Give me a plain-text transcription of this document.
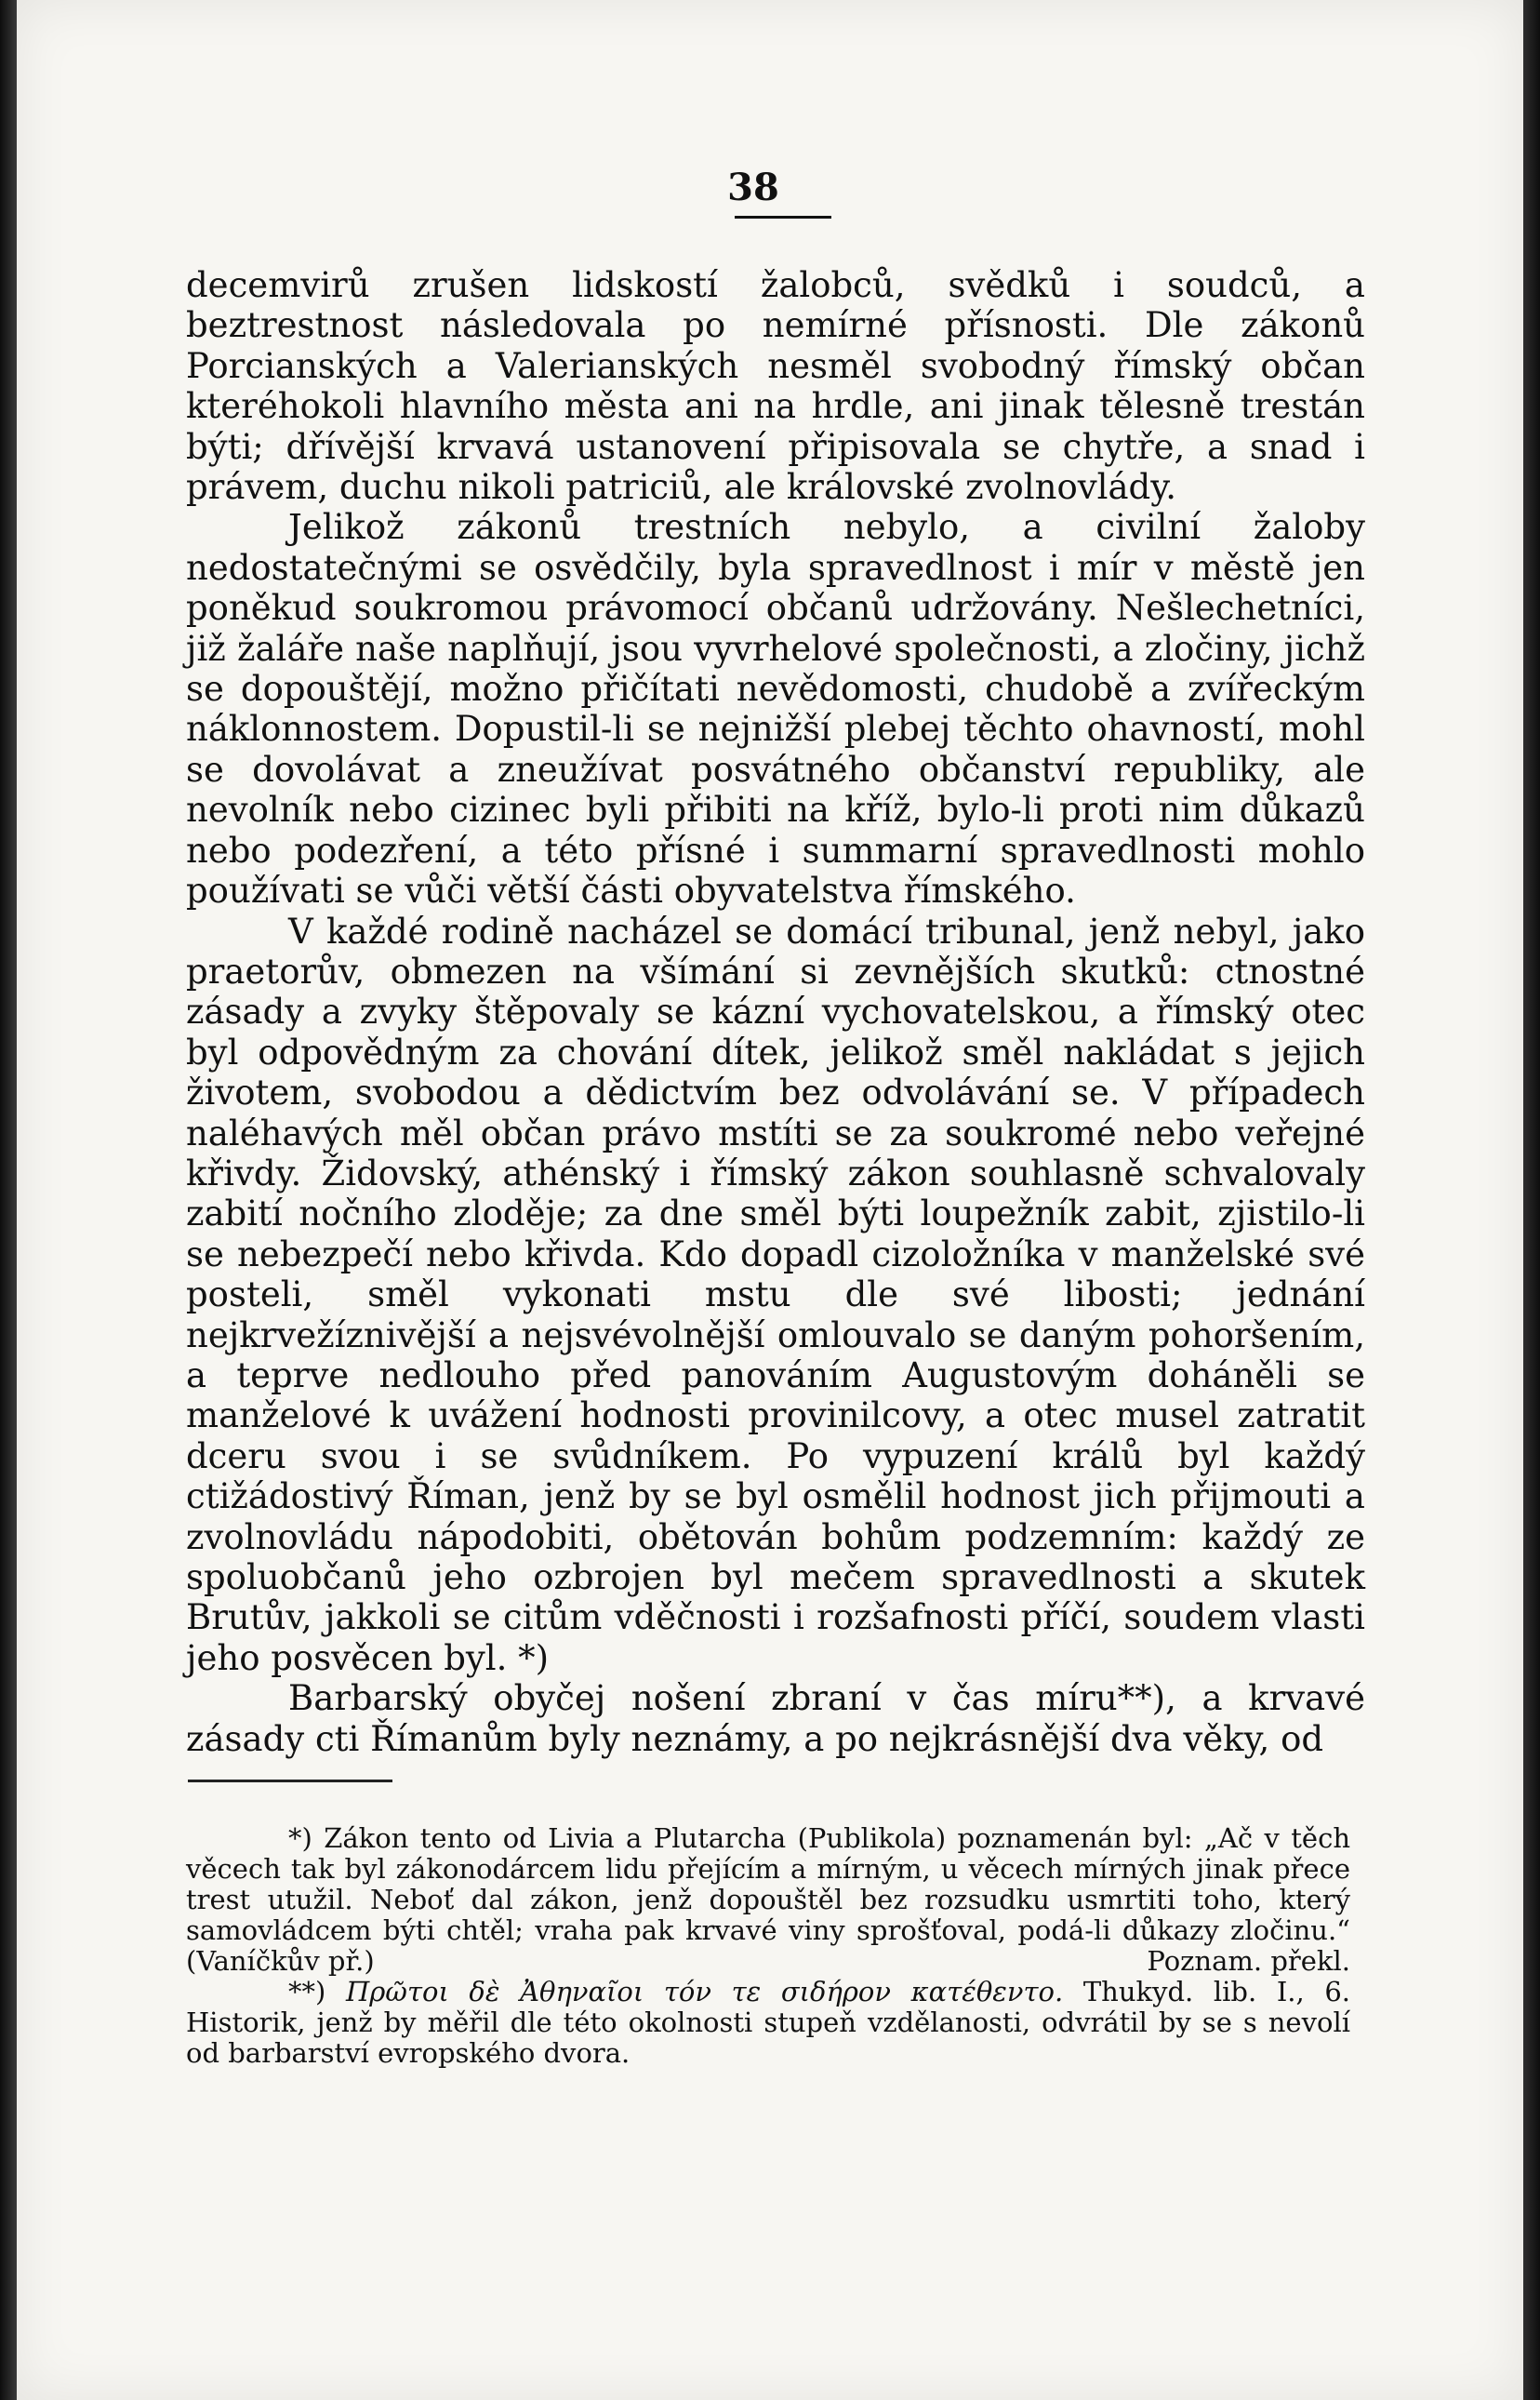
38

decemvirů zrušen lidskostí žalobců, svědků i soudců, a beztrestnost následovala po nemírné přísnosti. Dle zákonů Porcianských a Valerianských nesměl svobodný římský občan kteréhokoli hlavního města ani na hrdle, ani jinak tělesně trestán býti; dřívější krvavá ustanovení připisovala se chytře, a snad i právem, duchu nikoli patriciů, ale královské zvolnovlády.

Jelikož zákonů trestních nebylo, a civilní žaloby nedostatečnými se osvědčily, byla spravedlnost i mír v městě jen poněkud soukromou právomocí občanů udržovány. Nešlechetníci, již žaláře naše naplňují, jsou vyvrhelové společnosti, a zločiny, jichž se dopouštějí, možno přičítati nevědomosti, chudobě a zvířeckým náklonnostem. Dopustil-li se nejnižší plebej těchto ohavností, mohl se dovolávat a zneužívat posvátného občanství republiky, ale nevolník nebo cizinec byli přibiti na kříž, bylo-li proti nim důkazů nebo podezření, a této přísné i summarní spravedlnosti mohlo používati se vůči větší části obyvatelstva římského.

V každé rodině nacházel se domácí tribunal, jenž nebyl, jako praetorův, obmezen na všímání si zevnějších skutků: ctnostné zásady a zvyky štěpovaly se kázní vychovatelskou, a římský otec byl odpovědným za chování dítek, jelikož směl nakládat s jejich životem, svobodou a dědictvím bez odvolávání se. V případech naléhavých měl občan právo mstíti se za soukromé nebo veřejné křivdy. Židovský, athénský i římský zákon souhlasně schvalovaly zabití nočního zloděje; za dne směl býti loupežník zabit, zjistilo-li se nebezpečí nebo křivda. Kdo dopadl cizoložníka v manželské své posteli, směl vykonati mstu dle své libosti; jednání nejkrvežíznivější a nejsvévolnější omlouvalo se daným pohoršením, a teprve nedlouho před panováním Augustovým doháněli se manželové k uvážení hodnosti provinilcovy, a otec musel zatratit dceru svou i se svůdníkem. Po vypuzení králů byl každý ctižádostivý Říman, jenž by se byl osmělil hodnost jich přijmouti a zvolnovládu nápodobiti, obětován bohům podzemním: každý ze spoluobčanů jeho ozbrojen byl mečem spravedlnosti a skutek Brutův, jakkoli se citům vděčnosti i rozšafnosti příčí, soudem vlasti jeho posvěcen byl. *)

Barbarský obyčej nošení zbraní v čas míru**), a krvavé zásady cti Římanům byly neznámy, a po nejkrásnější dva věky, od

*) Zákon tento od Livia a Plutarcha (Publikola) poznamenán byl: „Ač v těch věcech tak byl zákonodárcem lidu přejícím a mírným, u věcech mírných jinak přece trest utužil. Neboť dal zákon, jenž dopouštěl bez rozsudku usmrtiti toho, který samovládcem býti chtěl; vraha pak krvavé viny sprošťoval, podá-li důkazy zločinu.“ (Vaníčkův př.)	Poznam. překl.

**) Πρῶτοι δὲ Ἀθηναῖοι τόν τε σιδήρον κατέθεντο. Thukyd. lib. I., 6. Historik, jenž by měřil dle této okolnosti stupeň vzdělanosti, odvrátil by se s nevolí od barbarství evropského dvora.
